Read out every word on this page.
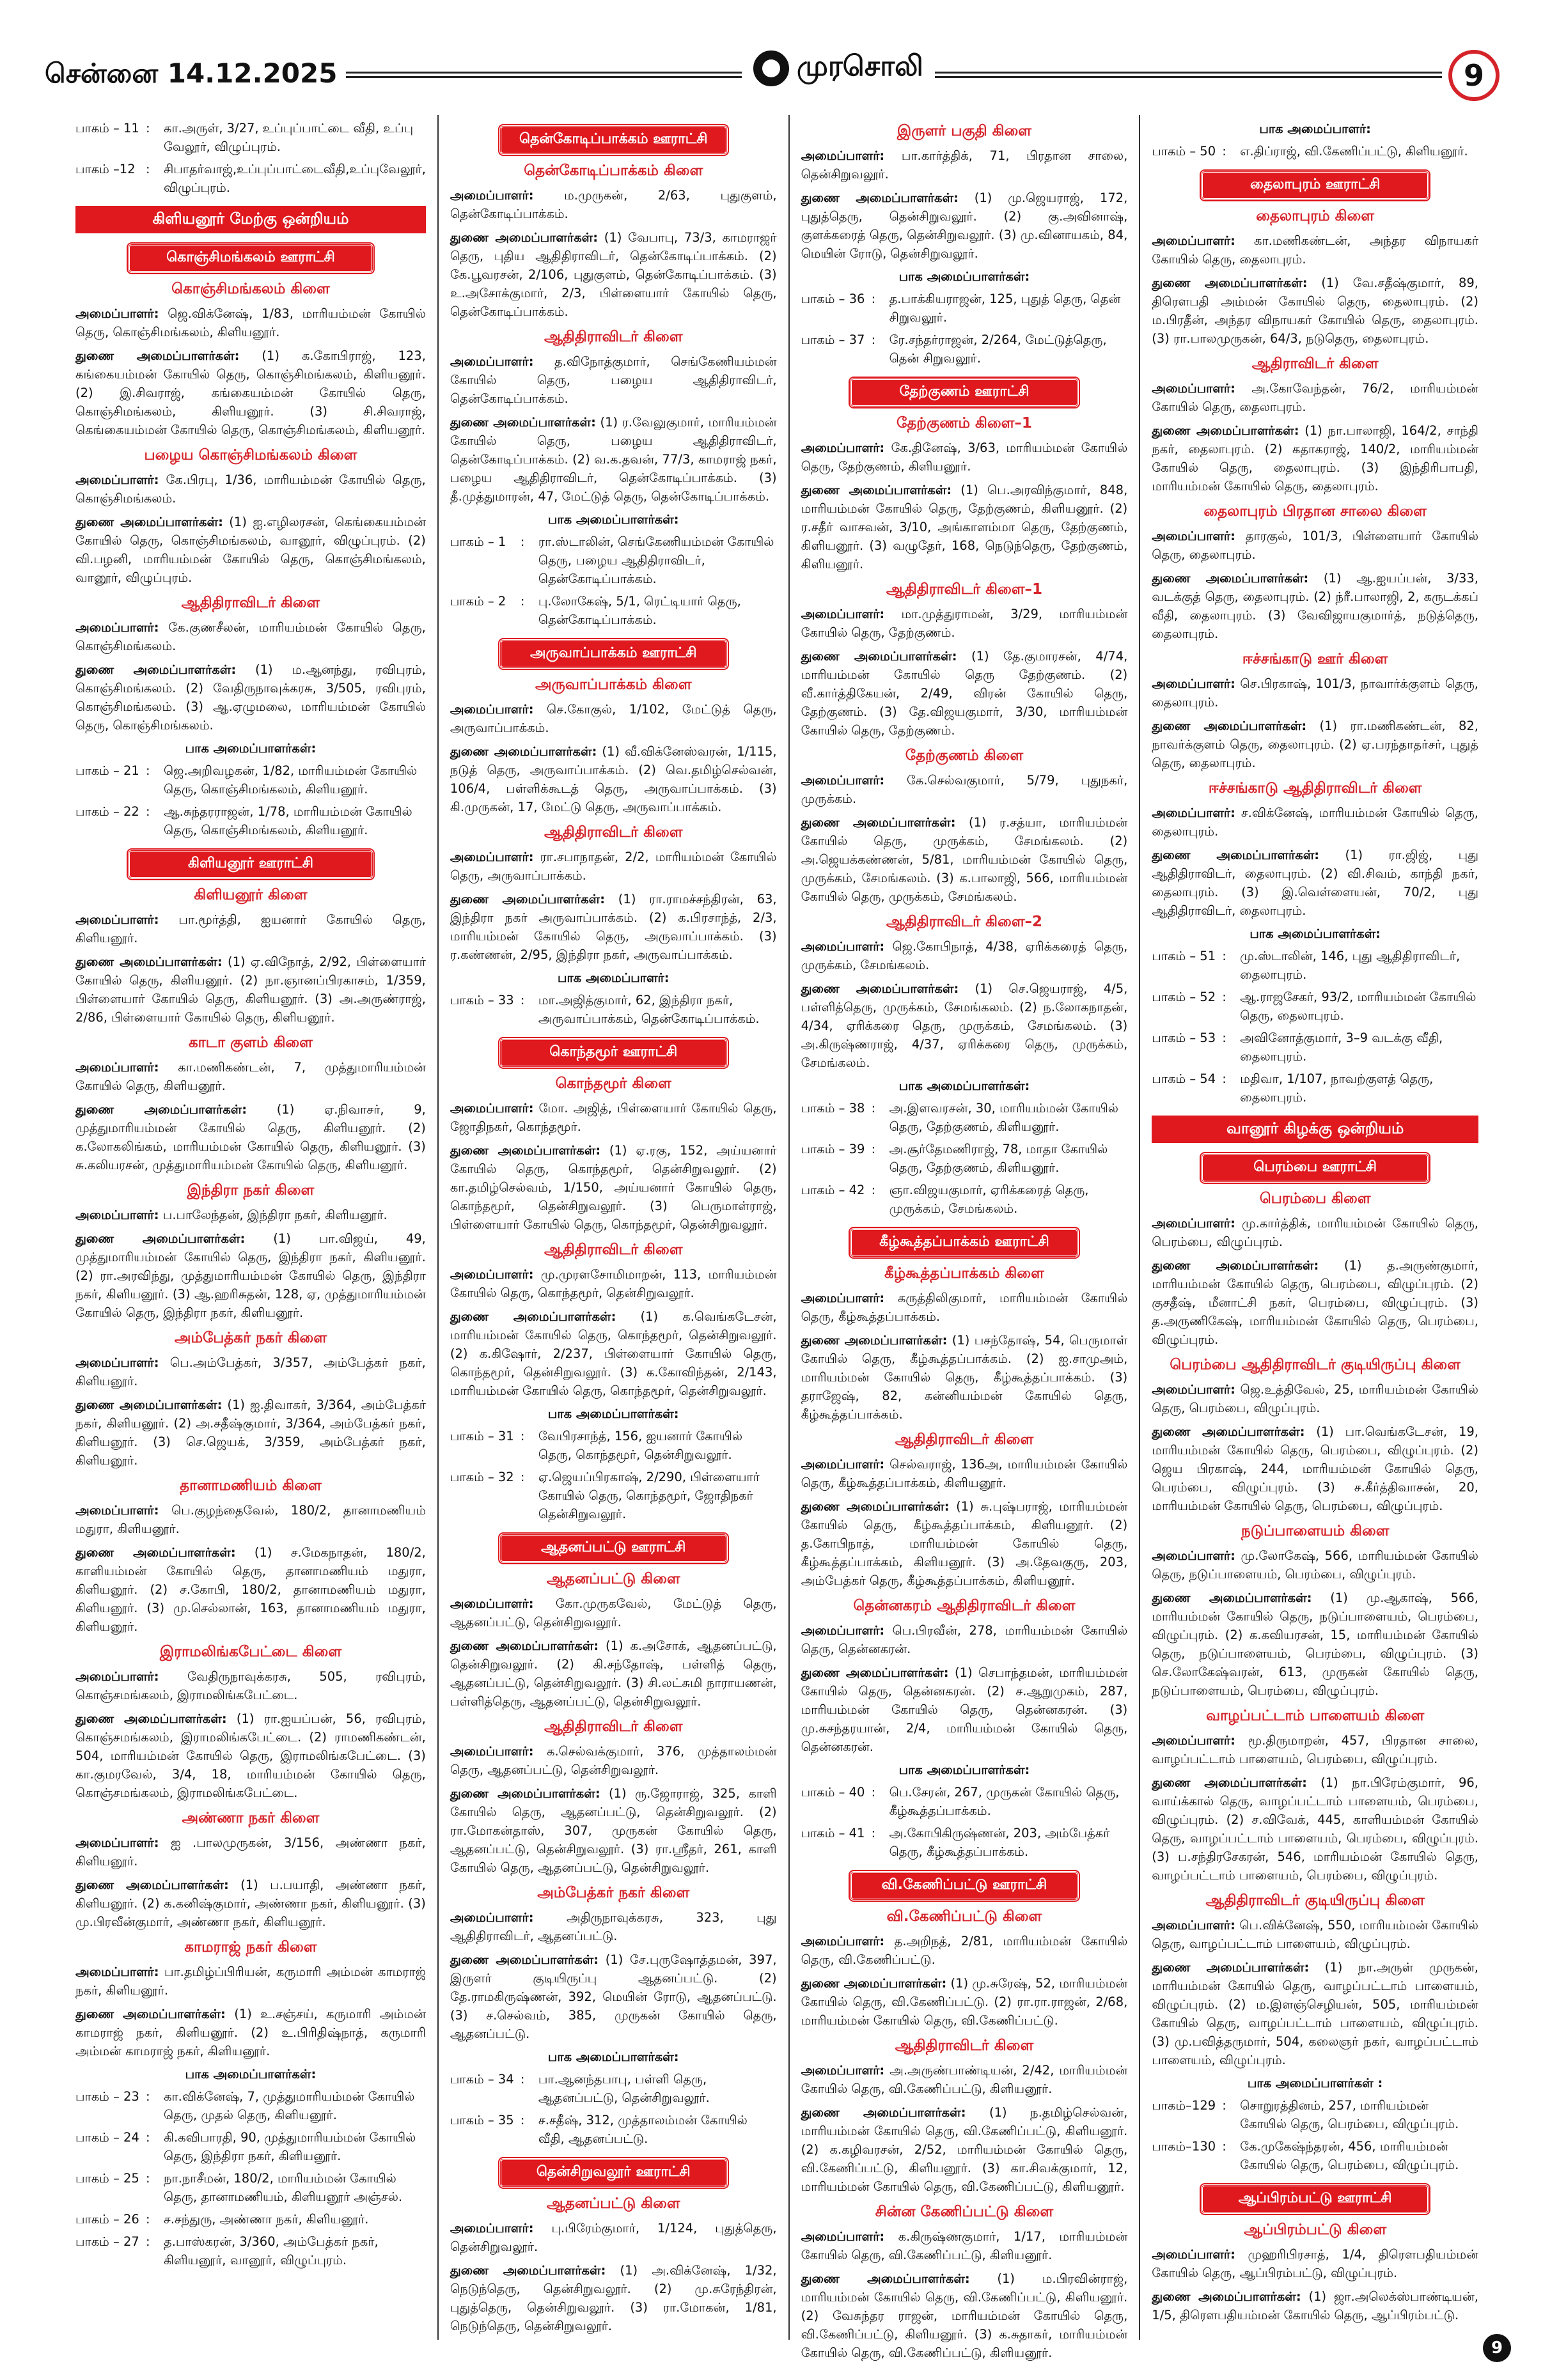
சென்னை 14.12.2025	முரசொலி	9
பாகம் – 11 :	கா.அருள், 3/27, உப்புப்பாட்டை வீதி, உப்பு வேலூர், விழுப்புரம்.
பாகம் –12 :	சிபாதர்வாஜ்,உப்புப்பாட்டைவீதி,உப்புவேலூர், விழுப்புரம்.
கிளியனூர் மேற்கு ஒன்றியம்
கொஞ்சிமங்கலம் ஊராட்சி
கொஞ்சிமங்கலம் கிளை

அமைப்பாளர்: ஜெ.விக்னேஷ், 1/83, மாரியம்மன் கோயில் தெரு, கொஞ்சிமங்கலம், கிளியனூர்.

துணை அமைப்பாளர்கள்: (1) க.கோபிராஜ், 123, கங்கையம்மன் கோயில் தெரு, கொஞ்சிமங்கலம், கிளியனூர். (2) இ.சிவராஜ், கங்கையம்மன் கோயில் தெரு, கொஞ்சிமங்கலம், கிளியனூர். (3) சி.சிவராஜ், கெங்கையம்மன் கோயில் தெரு, கொஞ்சிமங்கலம், கிளியனூர்.

பழைய கொஞ்சிமங்கலம் கிளை

அமைப்பாளர்: கே.பிரபு, 1/36, மாரியம்மன் கோயில் தெரு, கொஞ்சிமங்கலம்.

துணை அமைப்பாளர்கள்: (1) ஐ.எழிலரசன், கெங்கையம்மன் கோயில் தெரு, கொஞ்சிமங்கலம், வானூர், விழுப்புரம். (2) வி.பழனி, மாரியம்மன் கோயில் தெரு, கொஞ்சிமங்கலம், வானூர், விழுப்புரம்.

ஆதிதிராவிடர் கிளை

அமைப்பாளர்: கே.குணசீலன், மாரியம்மன் கோயில் தெரு, கொஞ்சிமங்கலம்.

துணை அமைப்பாளர்கள்: (1) ம.ஆனந்து, ரவிபுரம், கொஞ்சிமங்கலம். (2) வேதிருநாவுக்கரசு, 3/505, ரவிபுரம், கொஞ்சிமங்கலம். (3) ஆ.ஏழுமலை, மாரியம்மன் கோயில் தெரு, கொஞ்சிமங்கலம்.

பாக அமைப்பாளர்கள்:
பாகம் – 21 :	ஜெ.அறிவழகன், 1/82, மாரியம்மன் கோயில் தெரு, கொஞ்சிமங்கலம், கிளியனூர்.
பாகம் – 22 :	ஆ.சுந்தரராஜன், 1/78, மாரியம்மன் கோயில் தெரு, கொஞ்சிமங்கலம், கிளியனூர்.
கிளியனூர் ஊராட்சி
கிளியனூர் கிளை

அமைப்பாளர்: பா.மூர்த்தி, ஐயனார் கோயில் தெரு, கிளியனூர்.

துணை அமைப்பாளர்கள்: (1) ஏ.விநோத், 2/92, பிள்ளையார் கோயில் தெரு, கிளியனூர். (2) நா.ஞானப்பிரகாசம், 1/359, பிள்ளையார் கோயில் தெரு, கிளியனூர். (3) அ.அருண்ராஜ், 2/86, பிள்ளையார் கோயில் தெரு, கிளியனூர்.

காடா குளம் கிளை

அமைப்பாளர்: கா.மணிகண்டன், 7, முத்துமாரியம்மன் கோயில் தெரு, கிளியனூர்.

துணை அமைப்பாளர்கள்: (1) ஏ.நிவாசர், 9, முத்துமாரியம்மன் கோயில் தெரு, கிளியனூர். (2) க.லோகலிங்கம், மாரியம்மன் கோயில் தெரு, கிளியனூர். (3) சு.கலியரசன், முத்துமாரியம்மன் கோயில் தெரு, கிளியனூர்.

இந்திரா நகர் கிளை

அமைப்பாளர்: ப.பாலேந்தன், இந்திரா நகர், கிளியனூர்.

துணை அமைப்பாளர்கள்: (1) பா.விஜய், 49, முத்துமாரியம்மன் கோயில் தெரு, இந்திரா நகர், கிளியனூர். (2) ரா.அரவிந்து, முத்துமாரியம்மன் கோயில் தெரு, இந்திரா நகர், கிளியனூர். (3) ஆ.ஹரிசுதன், 128, ஏ, முத்துமாரியம்மன் கோயில் தெரு, இந்திரா நகர், கிளியனூர்.

அம்பேத்கர் நகர் கிளை

அமைப்பாளர்: பெ.அம்பேத்கர், 3/357, அம்பேத்கர் நகர், கிளியனூர்.

துணை அமைப்பாளர்கள்: (1) ஐ.திவாகர், 3/364, அம்பேத்கர் நகர், கிளியனூர். (2) அ.சதீஷ்குமார், 3/364, அம்பேத்கர் நகர், கிளியனூர். (3) செ.ஜெயக், 3/359, அம்பேத்கர் நகர், கிளியனூர்.

தானாமணியம் கிளை

அமைப்பாளர்: பெ.குழந்தைவேல், 180/2, தானாமணியம் மதுரா, கிளியனூர்.

துணை அமைப்பாளர்கள்: (1) ச.மேகநாதன், 180/2, காளியம்மன் கோயில் தெரு, தானாமணியம் மதுரா, கிளியனூர். (2) ச.கோபி, 180/2, தானாமணியம் மதுரா, கிளியனூர். (3) மு.செல்லான், 163, தானாமணியம் மதுரா, கிளியனூர்.

இராமலிங்கபேட்டை கிளை

அமைப்பாளர்: வேதிருநாவுக்கரசு, 505, ரவிபுரம், கொஞ்சமங்கலம், இராமலிங்கபேட்டை.

துணை அமைப்பாளர்கள்: (1) ரா.ஐயப்பன், 56, ரவிபுரம், கொஞ்சமங்கலம், இராமலிங்கபேட்டை. (2) ராமணிகண்டன், 504, மாரியம்மன் கோயில் தெரு, இராமலிங்கபேட்டை. (3) கா.குமரவேல், 3/4, 18, மாரியம்மன் கோயில் தெரு, கொஞ்சமங்கலம், இராமலிங்கபேட்டை.

அண்ணா நகர் கிளை

அமைப்பாளர்: ஐ .பாலமுருகன், 3/156, அண்ணா நகர், கிளியனூர்.

துணை அமைப்பாளர்கள்: (1) ப.பயாதி, அண்ணா நகர், கிளியனூர். (2) க.கனிஷ்குமார், அண்ணா நகர், கிளியனூர். (3) மு.பிரவீன்குமார், அண்ணா நகர், கிளியனூர்.

காமராஜ் நகர் கிளை

அமைப்பாளர்: பா.தமிழ்ப்பிரியன், கருமாரி அம்மன் காமராஜ் நகர், கிளியனூர்.

துணை அமைப்பாளர்கள்: (1) உ.சஞ்சய், கருமாரி அம்மன் காமராஜ் நகர், கிளியனூர். (2) உ.பிரிதிஷ்நாத், கருமாரி அம்மன் காமராஜ் நகர், கிளியனூர்.

பாக அமைப்பாளர்கள்:
பாகம் – 23 :	கா.விக்னேஷ், 7, முத்துமாரியம்மன் கோயில் தெரு, முதல் தெரு, கிளியனூர்.
பாகம் – 24 :	கி.கவிபாரதி, 90, முத்துமாரியம்மன் கோயில் தெரு, இந்திரா நகர், கிளியனூர்.
பாகம் – 25 :	நா.நாசீமன், 180/2, மாரியம்மன் கோயில் தெரு, தானாமணியம், கிளியனூர் அஞ்சல்.
பாகம் – 26 :	ச.சந்துரு, அண்ணா நகர், கிளியனூர்.
பாகம் – 27 :	த.பாஸ்கரன், 3/360, அம்பேத்கர் நகர், கிளியனூர், வானூர், விழுப்புரம்.
தென்கோடிப்பாக்கம் ஊராட்சி
தென்கோடிப்பாக்கம் கிளை

அமைப்பாளர்: ம.முருகன், 2/63, புதுகுளம், தென்கோடிப்பாக்கம்.

துணை அமைப்பாளர்கள்: (1) வேபாபு, 73/3, காமராஜர் தெரு, புதிய ஆதிதிராவிடர், தென்கோடிப்பாக்கம். (2) கே.பூவரசன், 2/106, புதுகுளம், தென்கோடிப்பாக்கம். (3) உ.அசோக்குமார், 2/3, பிள்ளையார் கோயில் தெரு, தென்கோடிப்பாக்கம்.

ஆதிதிராவிடர் கிளை

அமைப்பாளர்: த.விநோத்குமார், செங்கேணியம்மன் கோயில் தெரு, பழைய ஆதிதிராவிடர், தென்கோடிப்பாக்கம்.

துணை அமைப்பாளர்கள்: (1) ர.வேலுகுமார், மாரியம்மன் கோயில் தெரு, பழைய ஆதிதிராவிடர், தென்கோடிப்பாக்கம். (2) வ.க.தவன், 77/3, காமராஜ் நகர், பழைய ஆதிதிராவிடர், தென்கோடிப்பாக்கம். (3) தீ.முத்துமாரன், 47, மேட்டுத் தெரு, தென்கோடிப்பாக்கம்.

பாக அமைப்பாளர்கள்:
பாகம் – 1	:	ரா.ஸ்டாலின், செங்கேணியம்மன் கோயில் தெரு, பழைய ஆதிதிராவிடர், தென்கோடிப்பாக்கம்.
பாகம் – 2	:	பு.லோகேஷ், 5/1, ரெட்டியார் தெரு, தென்கோடிப்பாக்கம்.
அருவாப்பாக்கம் ஊராட்சி
அருவாப்பாக்கம் கிளை

அமைப்பாளர்: செ.கோகுல், 1/102, மேட்டுத் தெரு, அருவாப்பாக்கம்.

துணை அமைப்பாளர்கள்: (1) வீ.விக்னேஸ்வரன், 1/115, நடுத் தெரு, அருவாப்பாக்கம். (2) வெ.தமிழ்செல்வன், 106/4, பள்ளிக்கூடத் தெரு, அருவாப்பாக்கம். (3) கி.முருகன், 17, மேட்டு தெரு, அருவாப்பாக்கம்.

ஆதிதிராவிடர் கிளை

அமைப்பாளர்: ரா.சபாநாதன், 2/2, மாரியம்மன் கோயில் தெரு, அருவாப்பாக்கம்.

துணை அமைப்பாளர்கள்: (1) ரா.ராமச்சந்திரன், 63, இந்திரா நகர் அருவாப்பாக்கம். (2) க.பிரசாந்த், 2/3, மாரியம்மன் கோயில் தெரு, அருவாப்பாக்கம். (3) ர.கண்ணன், 2/95, இந்திரா நகர், அருவாப்பாக்கம்.

பாக அமைப்பாளர்:
பாகம் – 33 :	மா.அஜித்குமார், 62, இந்திரா நகர், அருவாப்பாக்கம், தென்கோடிப்பாக்கம்.
கொந்தமூர் ஊராட்சி
கொந்தமூர் கிளை

அமைப்பாளர்: மோ. அஜித், பிள்ளையார் கோயில் தெரு, ஜோதிநகர், கொந்தமூர்.

துணை அமைப்பாளர்கள்: (1) ஏ.ரகு, 152, அய்யனார் கோயில் தெரு, கொந்தமூர், தென்சிறுவலூர். (2) கா.தமிழ்செல்வம், 1/150, அய்யனார் கோயில் தெரு, கொந்தமூர், தென்சிறுவலூர். (3) பெருமாள்ராஜ், பிள்ளையார் கோயில் தெரு, கொந்தமூர், தென்சிறுவலூர்.

ஆதிதிராவிடர் கிளை

அமைப்பாளர்: மு.முரளசோமிமாறன், 113, மாரியம்மன் கோயில் தெரு, கொந்தமூர், தென்சிறுவலூர்.

துணை அமைப்பாளர்கள்: (1) க.வெங்கடேசன், மாரியம்மன் கோயில் தெரு, கொந்தமூர், தென்சிறுவலூர். (2) க.கிஷோர், 2/237, பிள்ளையார் கோயில் தெரு, கொந்தமூர், தென்சிறுவலூர். (3) க.கோவிந்தன், 2/143, மாரியம்மன் கோயில் தெரு, கொந்தமூர், தென்சிறுவலூர்.

பாக அமைப்பாளர்கள்:
பாகம் – 31 :	வேபிரசாந்த், 156, ஐயனார் கோயில் தெரு, கொந்தமூர், தென்சிறுவலூர்.
பாகம் – 32 :	ஏ.ஜெயப்பிரகாஷ், 2/290, பிள்ளையார் கோயில் தெரு, கொந்தமூர், ஜோதிநகர் தென்சிறுவலூர்.
ஆதனப்பட்டு ஊராட்சி
ஆதனப்பட்டு கிளை

அமைப்பாளர்: கோ.முருகவேல், மேட்டுத் தெரு, ஆதனப்பட்டு, தென்சிறுவலூர்.

துணை அமைப்பாளர்கள்: (1) க.அசோக், ஆதனப்பட்டு, தென்சிறுவலூர். (2) கி.சந்தோஷ், பள்ளித் தெரு, ஆதனப்பட்டு, தென்சிறுவலூர். (3) சி.லட்சுமி நாராயணன், பள்ளித்தெரு, ஆதனப்பட்டு, தென்சிறுவலூர்.

ஆதிதிராவிடர் கிளை

அமைப்பாளர்: க.செல்வக்குமார், 376, முத்தாலம்மன் தெரு, ஆதனப்பட்டு, தென்சிறுவலூர்.

துணை அமைப்பாளர்கள்: (1) ரு.ஜோராஜ், 325, காளி கோயில் தெரு, ஆதனப்பட்டு, தென்சிறுவலூர். (2) ரா.மோகன்தாஸ், 307, முருகன் கோயில் தெரு, ஆதனப்பட்டு, தென்சிறுவலூர். (3) ரா.ஸ்ரீதர், 261, காளி கோயில் தெரு, ஆதனப்பட்டு, தென்சிறுவலூர்.

அம்பேத்கர் நகர் கிளை

அமைப்பாளர்: அதிருநாவுக்கரசு, 323, புது ஆதிதிராவிடர், ஆதனப்பட்டு.

துணை அமைப்பாளர்கள்: (1) சே.புருஷோத்தமன், 397, இருளர் குடியிருப்பு ஆதனப்பட்டு. (2) தே.ராமகிருஷ்ணன், 392, மெயின் ரோடு, ஆதனப்பட்டு. (3) ச.செல்வம், 385, முருகன் கோயில் தெரு, ஆதனப்பட்டு.

பாக அமைப்பாளர்கள்:
பாகம் – 34 :	பா.ஆனந்தபாபு, பள்ளி தெரு, ஆதனப்பட்டு, தென்சிறுவலூர்.
பாகம் – 35 :	ச.சதீஷ், 312, முத்தாலம்மன் கோயில் வீதி, ஆதனப்பட்டு.
தென்சிறுவலூர் ஊராட்சி
ஆதனப்பட்டு கிளை

அமைப்பாளர்: பு.பிரேம்குமார், 1/124, புதுத்தெரு, தென்சிறுவலூர்.

துணை அமைப்பாளர்கள்: (1) அ.விக்னேஷ், 1/32, நெடுந்தெரு, தென்சிறுவலூர். (2) மு.சுரேந்திரன், புதுத்தெரு, தென்சிறுவலூர். (3) ரா.மோகன், 1/81, நெடுந்தெரு, தென்சிறுவலூர்.

இருளர் பகுதி கிளை

அமைப்பாளர்: பா.கார்த்திக், 71, பிரதான சாலை, தென்சிறுவலூர்.

துணை அமைப்பாளர்கள்: (1) மு.ஜெயராஜ், 172, புதுத்தெரு, தென்சிறுவலூர். (2) கு.அவினாஷ், குளக்கரைத் தெரு, தென்சிறுவலூர். (3) மு.வினாயகம், 84, மெயின் ரோடு, தென்சிறுவலூர்.

பாக அமைப்பாளர்கள்:
பாகம் – 36 :	த.பாக்கியராஜன், 125, புதுத் தெரு, தென் சிறுவலூர்.
பாகம் – 37 :	ரே.சந்தர்ராஜன், 2/264, மேட்டுத்தெரு, தென் சிறுவலூர்.
தேற்குணம் ஊராட்சி
தேற்குணம் கிளை–1

அமைப்பாளர்: கே.தினேஷ், 3/63, மாரியம்மன் கோயில் தெரு, தேற்குணம், கிளியனூர்.

துணை அமைப்பாளர்கள்: (1) பெ.அரவிந்குமார், 848, மாரியம்மன் கோயில் தெரு, தேற்குணம், கிளியனூர். (2) ர.சதீர் வாசவன், 3/10, அங்காளம்மா தெரு, தேற்குணம், கிளியனூர். (3) வழுதேர், 168, நெடுந்தெரு, தேற்குணம், கிளியனூர்.

ஆதிதிராவிடர் கிளை–1

அமைப்பாளர்: மா.முத்துராமன், 3/29, மாரியம்மன் கோயில் தெரு, தேற்குணம்.

துணை அமைப்பாளர்கள்: (1) தே.குமாரசன், 4/74, மாரியம்மன் கோயில் தெரு தேற்குணம். (2) வீ.கார்த்திகேயன், 2/49, விரன் கோயில் தெரு, தேற்குணம். (3) தே.விஜயகுமார், 3/30, மாரியம்மன் கோயில் தெரு, தேற்குணம்.

தேற்குணம் கிளை

அமைப்பாளர்: கே.செல்வகுமார், 5/79, புதுநகர், முருக்கம்.

துணை அமைப்பாளர்கள்: (1) ர.சத்யா, மாரியம்மன் கோயில் தெரு, முருக்கம், சேமங்கலம். (2) அ.ஜெயக்கண்ணன், 5/81, மாரியம்மன் கோயில் தெரு, முருக்கம், சேமங்கலம். (3) க.பாலாஜி, 566, மாரியம்மன் கோயில் தெரு, முருக்கம், சேமங்கலம்.

ஆதிதிராவிடர் கிளை–2

அமைப்பாளர்: ஜெ.கோபிநாத், 4/38, ஏரிக்கரைத் தெரு, முருக்கம், சேமங்கலம்.

துணை அமைப்பாளர்கள்: (1) செ.ஜெயராஜ், 4/5, பள்ளித்தெரு, முருக்கம், சேமங்கலம். (2) ந.லோகநாதன், 4/34, ஏரிக்கரை தெரு, முருக்கம், சேமங்கலம். (3) அ.கிருஷ்ணராஜ், 4/37, ஏரிக்கரை தெரு, முருக்கம், சேமங்கலம்.

பாக அமைப்பாளர்கள்:
பாகம் – 38 :	அ.இளவரசன், 30, மாரியம்மன் கோயில் தெரு, தேற்குணம், கிளியனூர்.
பாகம் – 39 :	அ.சூர்தேமணிராஜ், 78, மாதா கோயில் தெரு, தேற்குணம், கிளியனூர்.
பாகம் – 42 :	ஞா.விஜயகுமார், ஏரிக்கரைத் தெரு, முருக்கம், சேமங்கலம்.
கீழ்கூத்தப்பாக்கம் ஊராட்சி
கீழ்கூத்தப்பாக்கம் கிளை

அமைப்பாளர்: கருத்திலிகுமார், மாரியம்மன் கோயில் தெரு, கீழ்கூத்தப்பாக்கம்.

துணை அமைப்பாளர்கள்: (1) பசந்தோஷ், 54, பெருமாள் கோயில் தெரு, கீழ்கூத்தப்பாக்கம். (2) ஐ.சாமுஅம், மாரியம்மன் கோயில் தெரு, கீழ்கூத்தப்பாக்கம். (3) தராஜேஷ், 82, கன்னியம்மன் கோயில் தெரு, கீழ்கூத்தப்பாக்கம்.

ஆதிதிராவிடர் கிளை

அமைப்பாளர்: செல்வராஜ், 136அ, மாரியம்மன் கோயில் தெரு, கீழ்கூத்தப்பாக்கம், கிளியனூர்.

துணை அமைப்பாளர்கள்: (1) சு.புஷ்பராஜ், மாரியம்மன் கோயில் தெரு, கீழ்கூத்தப்பாக்கம், கிளியனூர். (2) த.கோபிநாத், மாரியம்மன் கோயில் தெரு, கீழ்கூத்தப்பாக்கம், கிளியனூர். (3) அ.தேவகுரு, 203, அம்பேத்கர் தெரு, கீழ்கூத்தப்பாக்கம், கிளியனூர்.

தென்னகரம் ஆதிதிராவிடர் கிளை

அமைப்பாளர்: பெ.பிரவீன், 278, மாரியம்மன் கோயில் தெரு, தென்னகரன்.

துணை அமைப்பாளர்கள்: (1) செபாந்தமன், மாரியம்மன் கோயில் தெரு, தென்னகரன். (2) ச.ஆறுமுகம், 287, மாரியம்மன் கோயில் தெரு, தென்னகரன். (3) மு.சுசந்தரயான், 2/4, மாரியம்மன் கோயில் தெரு, தென்னகரன்.

பாக அமைப்பாளர்கள்:
பாகம் – 40 :	பெ.சேரன், 267, முருகன் கோயில் தெரு, கீழ்கூத்தப்பாக்கம்.
பாகம் – 41 :	அ.கோபிகிருஷ்ணன், 203, அம்பேத்கர் தெரு, கீழ்கூத்தப்பாக்கம்.
வி.கேணிப்பட்டு ஊராட்சி
வி.கேணிப்பட்டு கிளை

அமைப்பாளர்: த.அறிநத், 2/81, மாரியம்மன் கோயில் தெரு, வி.கேணிப்பட்டு.

துணை அமைப்பாளர்கள்: (1) மு.சுரேஷ், 52, மாரியம்மன் கோயில் தெரு, வி.கேணிப்பட்டு. (2) ரா.ரா.ராஜன், 2/68, மாரியம்மன் கோயில் தெரு, வி.கேணிப்பட்டு.

ஆதிதிராவிடர் கிளை

அமைப்பாளர்: அ.அருண்பாண்டியன், 2/42, மாரியம்மன் கோயில் தெரு, வி.கேணிப்பட்டு, கிளியனூர்.

துணை அமைப்பாளர்கள்: (1) ந.தமிழ்செல்வன், மாரியம்மன் கோயில் தெரு, வி.கேணிப்பட்டு, கிளியனூர். (2) க.கழிவரசன், 2/52, மாரியம்மன் கோயில் தெரு, வி.கேணிப்பட்டு, கிளியனூர். (3) கா.சிவக்குமார், 12, மாரியம்மன் கோயில் தெரு, வி.கேணிப்பட்டு, கிளியனூர்.

சின்ன கேணிப்பட்டு கிளை

அமைப்பாளர்: க.கிருஷ்ணகுமார், 1/17, மாரியம்மன் கோயில் தெரு, வி.கேணிப்பட்டு, கிளியனூர்.

துணை அமைப்பாளர்கள்: (1) ம.பிரவின்ராஜ், மாரியம்மன் கோயில் தெரு, வி.கேணிப்பட்டு, கிளியனூர். (2) வேசுந்தர ராஜன், மாரியம்மன் கோயில் தெரு, வி.கேணிப்பட்டு, கிளியனூர். (3) க.சுதாகர், மாரியம்மன் கோயில் தெரு, வி.கேணிப்பட்டு, கிளியனூர்.

பாக அமைப்பாளர்:
பாகம் – 50 :	எ.திப்ராஜ், வி.கேணிப்பட்டு, கிளியனூர்.
தைலாபுரம் ஊராட்சி
தைலாபுரம் கிளை

அமைப்பாளர்: கா.மணிகண்டன், அந்தர விநாயகர் கோயில் தெரு, தைலாபுரம்.

துணை அமைப்பாளர்கள்: (1) வே.சதீஷ்குமார், 89, திரௌபதி அம்மன் கோயில் தெரு, தைலாபுரம். (2) ம.பிரதீன், அந்தர விநாயகர் கோயில் தெரு, தைலாபுரம். (3) ரா.பாலமுருகன், 64/3, நடுதெரு, தைலாபுரம்.

ஆதிராவிடர் கிளை

அமைப்பாளர்: அ.கோவேந்தன், 76/2, மாரியம்மன் கோயில் தெரு, தைலாபுரம்.

துணை அமைப்பாளர்கள்: (1) நா.பாலாஜி, 164/2, சாந்தி நகர், தைலாபுரம். (2) கதாகராஜ், 140/2, மாரியம்மன் கோயில் தெரு, தைலாபுரம். (3) இந்திரிபாபதி, மாரியம்மன் கோயில் தெரு, தைலாபுரம்.

தைலாபுரம் பிரதான சாலை கிளை

அமைப்பாளர்: தாரகுல், 101/3, பிள்ளையார் கோயில் தெரு, தைலாபுரம்.

துணை அமைப்பாளர்கள்: (1) ஆ.ஐயப்பன், 3/33, வடக்குத் தெரு, தைலாபுரம். (2) ந்ரீ.பாலாஜி, 2, கருடக்கப் வீதி, தைலாபுரம். (3) வேவிஜாயகுமார்த், நடுத்தெரு, தைலாபுரம்.

ஈச்சங்காடு ஊர் கிளை

அமைப்பாளர்: செ.பிரகாஷ், 101/3, நாவார்க்குளம் தெரு, தைலாபுரம்.

துணை அமைப்பாளர்கள்: (1) ரா.மணிகண்டன், 82, நாவர்க்குளம் தெரு, தைலாபுரம். (2) ஏ.பரந்தாதர்சர், புதுத் தெரு, தைலாபுரம்.

ஈச்சங்காடு ஆதிதிராவிடர் கிளை

அமைப்பாளர்: ச.விக்னேஷ், மாரியம்மன் கோயில் தெரு, தைலாபுரம்.

துணை அமைப்பாளர்கள்: (1) ரா.ஜிஜ், புது ஆதிதிராவிடர், தைலாபுரம். (2) வி.சிவம், காந்தி நகர், தைலாபுரம். (3) இ.வெள்ளையன், 70/2, புது ஆதிதிராவிடர், தைலாபுரம்.

பாக அமைப்பாளர்கள்:
பாகம் – 51 :	மு.ஸ்டாலின், 146, புது ஆதிதிராவிடர், தைலாபுரம்.
பாகம் – 52 :	ஆ.ராஜசேகர், 93/2, மாரியம்மன் கோயில் தெரு, தைலாபுரம்.
பாகம் – 53 :	அவினோத்குமார், 3–9 வடக்கு வீதி, தைலாபுரம்.
பாகம் – 54 :	மதிவா, 1/107, நாவற்குளத் தெரு, தைலாபுரம்.
வானூர் கிழக்கு ஒன்றியம்
பெரம்பை ஊராட்சி
பெரம்பை கிளை

அமைப்பாளர்: மு.கார்த்திக், மாரியம்மன் கோயில் தெரு, பெரம்பை, விழுப்புரம்.

துணை அமைப்பாளர்கள்: (1) த.அருண்குமார், மாரியம்மன் கோயில் தெரு, பெரம்பை, விழுப்புரம். (2) குசதீஷ், மீனாட்சி நகர், பெரம்பை, விழுப்புரம். (3) த.அருணிகேஷ், மாரியம்மன் கோயில் தெரு, பெரம்பை, விழுப்புரம்.

பெரம்பை ஆதிதிராவிடர் குடியிருப்பு கிளை

அமைப்பாளர்: ஜெ.உத்திவேல், 25, மாரியம்மன் கோயில் தெரு, பெரம்பை, விழுப்புரம்.

துணை அமைப்பாளர்கள்: (1) பா.வெங்கடேசன், 19, மாரியம்மன் கோயில் தெரு, பெரம்பை, விழுப்புரம். (2) ஜெய பிரகாஷ், 244, மாரியம்மன் கோயில் தெரு, பெரம்பை, விழுப்புரம். (3) ச.கீர்த்திவாசன், 20, மாரியம்மன் கோயில் தெரு, பெரம்பை, விழுப்புரம்.

நடுப்பாளையம் கிளை

அமைப்பாளர்: மு.லோகேஷ், 566, மாரியம்மன் கோயில் தெரு, நடுப்பாளையம், பெரம்பை, விழுப்புரம்.

துணை அமைப்பாளர்கள்: (1) மு.ஆகாஷ், 566, மாரியம்மன் கோயில் தெரு, நடுப்பாளையம், பெரம்பை, விழுப்புரம். (2) க.கவியரசன், 15, மாரியம்மன் கோயில் தெரு, நடுப்பாளையம், பெரம்பை, விழுப்புரம். (3) செ.லோகேஷ்வரன், 613, முருகன் கோயில் தெரு, நடுப்பாளையம், பெரம்பை, விழுப்புரம்.

வாழப்பட்டாம் பாளையம் கிளை

அமைப்பாளர்: மூ.திருமாறன், 457, பிரதான சாலை, வாழப்பட்டாம் பாளையம், பெரம்பை, விழுப்புரம்.

துணை அமைப்பாளர்கள்: (1) நா.பிரேம்குமார், 96, வாய்க்கால் தெரு, வாழப்பட்டாம் பாளையம், பெரம்பை, விழுப்புரம். (2) ச.விவேக், 445, காளியம்மன் கோயில் தெரு, வாழப்பட்டாம் பாளையம், பெரம்பை, விழுப்புரம். (3) ப.சந்திரசேகரன், 546, மாரியம்மன் கோயில் தெரு, வாழப்பட்டாம் பாளையம், பெரம்பை, விழுப்புரம்.

ஆதிதிராவிடர் குடியிருப்பு கிளை

அமைப்பாளர்: பெ.விக்னேஷ், 550, மாரியம்மன் கோயில் தெரு, வாழப்பட்டாம் பாளையம், விழுப்புரம்.

துணை அமைப்பாளர்கள்: (1) நா.அருள் முருகன், மாரியம்மன் கோயில் தெரு, வாழப்பட்டாம் பாளையம், விழுப்புரம். (2) ம.இளஞ்செழியன், 505, மாரியம்மன் கோயில் தெரு, வாழப்பட்டாம் பாளையம், விழுப்புரம். (3) மு.பவித்தருமார், 504, கலைஞர் நகர், வாழப்பட்டாம் பாளையம், விழுப்புரம்.

பாக அமைப்பாளர்கள் :
பாகம்–129 :	சொறுரத்தினம், 257, மாரியம்மன் கோயில் தெரு, பெரம்பை, விழுப்புரம்.
பாகம்–130 :	கே.முகேஷ்ந்தரன், 456, மாரியம்மன் கோயில் தெரு, பெரம்பை, விழுப்புரம்.
ஆப்பிரம்பட்டு ஊராட்சி
ஆப்பிரம்பட்டு கிளை

அமைப்பாளர்: முஹரிபிரசாத், 1/4, திரௌபதியம்மன் கோயில் தெரு, ஆப்பிரம்பட்டு, விழுப்புரம்.

துணை அமைப்பாளர்கள்: (1) ஜா.அலெக்ஸ்பாண்டியன், 1/5, திரௌபதியம்மன் கோயில் தெரு, ஆப்பிரம்பட்டு.

9
